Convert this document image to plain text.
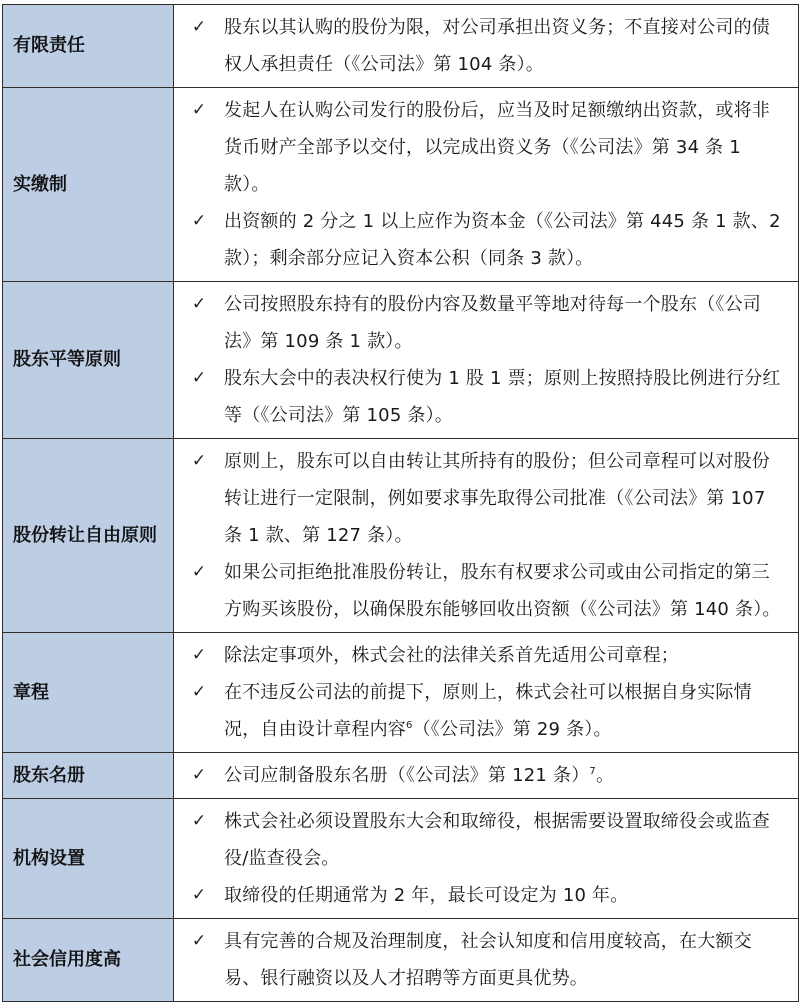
有限责任	✓ 股东以其认购的股份为限，对公司承担出资义务；不直接对公司的债权人承担责任（《公司法》第 104 条）。

实缴制	✓ 发起人在认购公司发行的股份后，应当及时足额缴纳出资款，或将非货币财产全部予以交付，以完成出资义务（《公司法》第 34 条 1 款）。
✓ 出资额的 2 分之 1 以上应作为资本金（《公司法》第 445 条 1 款、2 款）；剩余部分应记入资本公积（同条 3 款）。

股东平等原则	✓ 公司按照股东持有的股份内容及数量平等地对待每一个股东（《公司法》第 109 条 1 款）。
✓ 股东大会中的表决权行使为 1 股 1 票；原则上按照持股比例进行分红等（《公司法》第 105 条）。

股份转让自由原则	✓ 原则上，股东可以自由转让其所持有的股份；但公司章程可以对股份转让进行一定限制，例如要求事先取得公司批准（《公司法》第 107 条 1 款、第 127 条）。
✓ 如果公司拒绝批准股份转让，股东有权要求公司或由公司指定的第三方购买该股份，以确保股东能够回收出资额（《公司法》第 140 条）。

章程	✓ 除法定事项外，株式会社的法律关系首先适用公司章程；
✓ 在不违反公司法的前提下，原则上，株式会社可以根据自身实际情况，自由设计章程内容$^6$（《公司法》第 29 条）。

股东名册	✓ 公司应制备股东名册（《公司法》第 121 条）$^7$。

机构设置	✓ 株式会社必须设置股东大会和取缔役，根据需要设置取缔役会或监查役/监查役会。
✓ 取缔役的任期通常为 2 年，最长可设定为 10 年。

社会信用度高	✓ 具有完善的合规及治理制度，社会认知度和信用度较高，在大额交易、银行融资以及人才招聘等方面更具优势。
